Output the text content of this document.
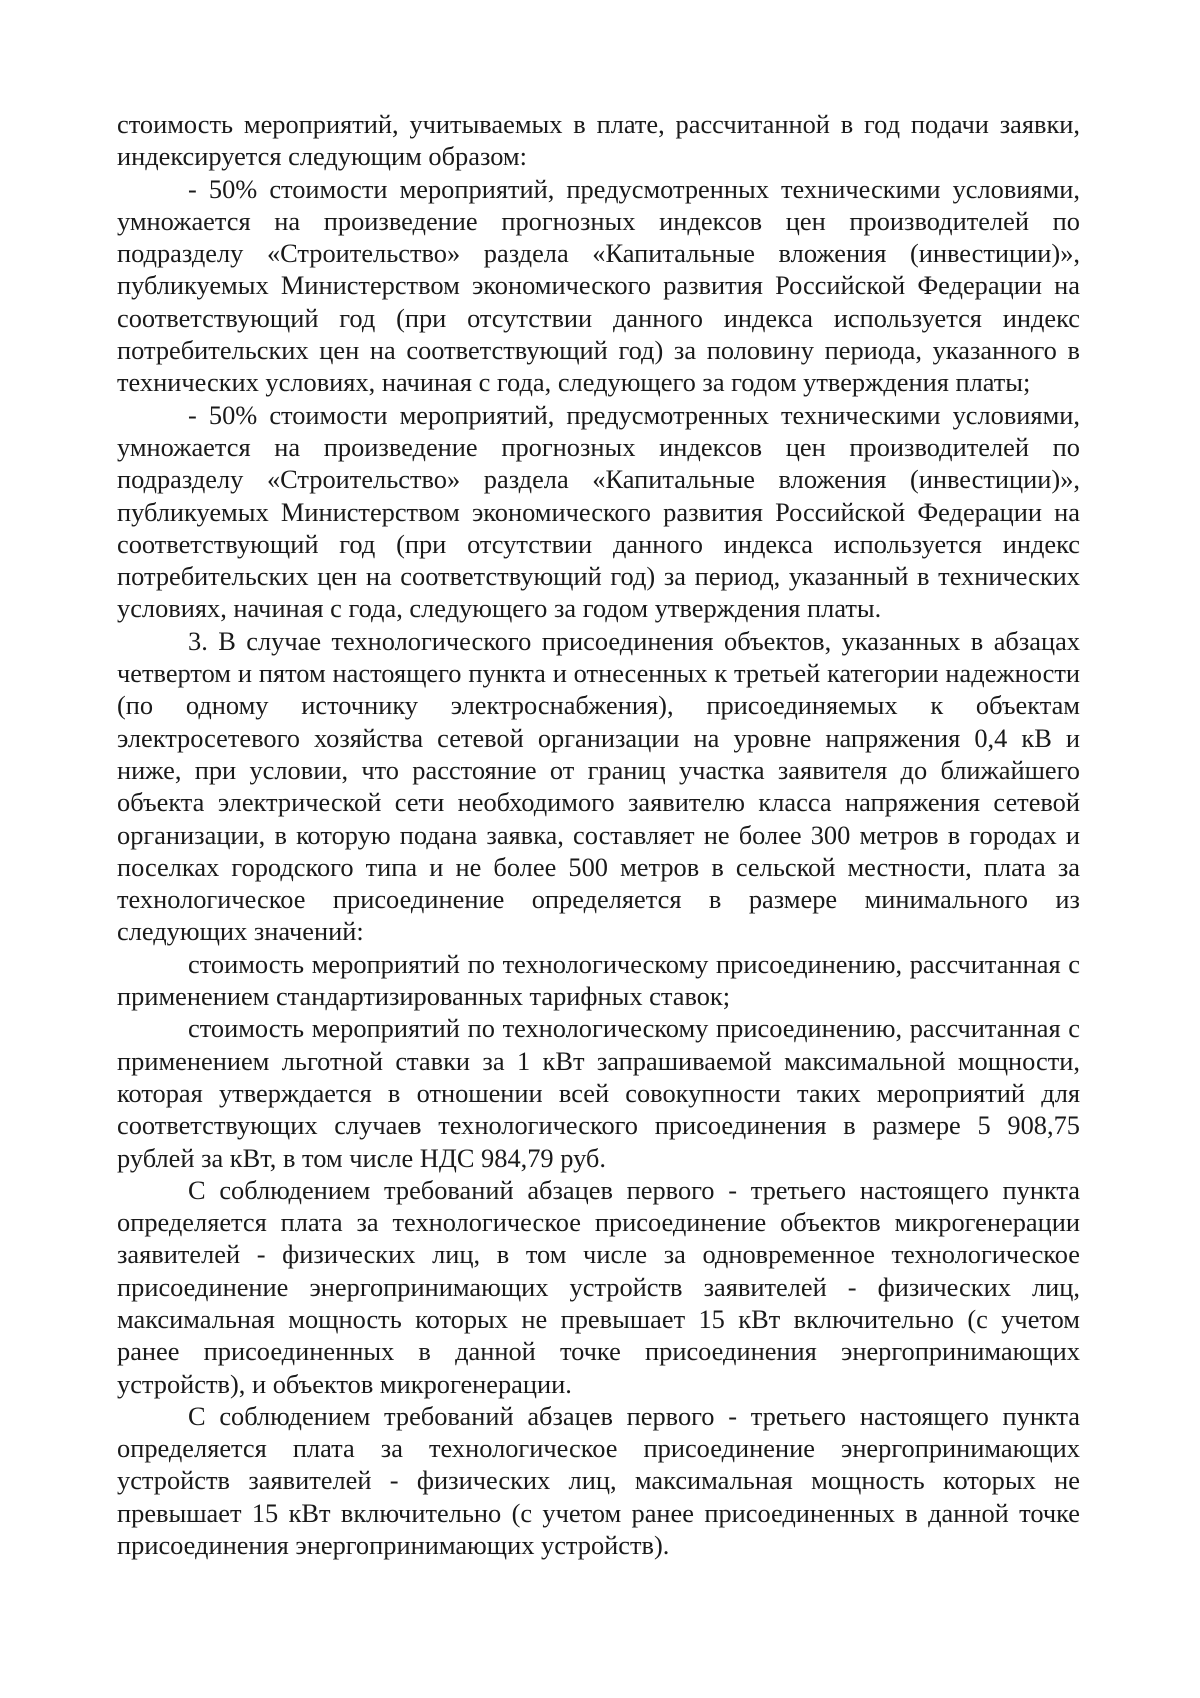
стоимость мероприятий, учитываемых в плате, рассчитанной в год подачи заявки, индексируется следующим образом:

- 50% стоимости мероприятий, предусмотренных техническими условиями, умножается на произведение прогнозных индексов цен производителей по подразделу «Строительство» раздела «Капитальные вложения (инвестиции)», публикуемых Министерством экономического развития Российской Федерации на соответствующий год (при отсутствии данного индекса используется индекс потребительских цен на соответствующий год) за половину периода, указанного в технических условиях, начиная с года, следующего за годом утверждения платы;

- 50% стоимости мероприятий, предусмотренных техническими условиями, умножается на произведение прогнозных индексов цен производителей по подразделу «Строительство» раздела «Капитальные вложения (инвестиции)», публикуемых Министерством экономического развития Российской Федерации на соответствующий год (при отсутствии данного индекса используется индекс потребительских цен на соответствующий год) за период, указанный в технических условиях, начиная с года, следующего за годом утверждения платы.

3. В случае технологического присоединения объектов, указанных в абзацах четвертом и пятом настоящего пункта и отнесенных к третьей категории надежности (по одному источнику электроснабжения), присоединяемых к объектам электросетевого хозяйства сетевой организации на уровне напряжения 0,4 кВ и ниже, при условии, что расстояние от границ участка заявителя до ближайшего объекта электрической сети необходимого заявителю класса напряжения сетевой организации, в которую подана заявка, составляет не более 300 метров в городах и поселках городского типа и не более 500 метров в сельской местности, плата за технологическое присоединение определяется в размере минимального из следующих значений:

стоимость мероприятий по технологическому присоединению, рассчитанная с применением стандартизированных тарифных ставок;

стоимость мероприятий по технологическому присоединению, рассчитанная с применением льготной ставки за 1 кВт запрашиваемой максимальной мощности, которая утверждается в отношении всей совокупности таких мероприятий для соответствующих случаев технологического присоединения в размере 5 908,75 рублей за кВт, в том числе НДС 984,79 руб.

С соблюдением требований абзацев первого - третьего настоящего пункта определяется плата за технологическое присоединение объектов микрогенерации заявителей - физических лиц, в том числе за одновременное технологическое присоединение энергопринимающих устройств заявителей - физических лиц, максимальная мощность которых не превышает 15 кВт включительно (с учетом ранее присоединенных в данной точке присоединения энергопринимающих устройств), и объектов микрогенерации.

С соблюдением требований абзацев первого - третьего настоящего пункта определяется плата за технологическое присоединение энергопринимающих устройств заявителей - физических лиц, максимальная мощность которых не превышает 15 кВт включительно (с учетом ранее присоединенных в данной точке присоединения энергопринимающих устройств).
